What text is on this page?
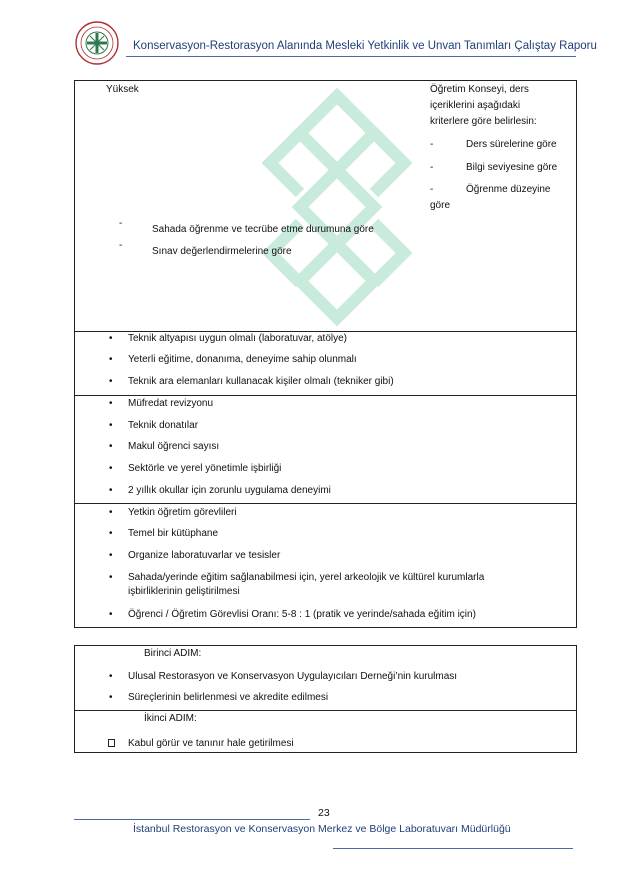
Konservasyon-Restorasyon Alanında Mesleki Yetkinlik ve Unvan Tanımları Çalıştay Raporu
Yüksek	Öğretim Konseyi, ders
içeriklerini aşağıdaki
kriterlere göre belirlesin:
-	Ders sürelerine göre
-	Bilgi seviyesine göre
-	Öğrenme düzeyine
göre
-
Sahada öğrenme ve tecrübe etme durumuna göre
-
Sınav değerlendirmelerine göre
• Teknik altyapısı uygun olmalı (laboratuvar, atölye)
• Yeterli eğitime, donanıma, deneyime sahip olunmalı
• Teknik ara elemanları kullanacak kişiler olmalı (tekniker gibi)
• Müfredat revizyonu
• Teknik donatılar
• Makul öğrenci sayısı
• Sektörle ve yerel yönetimle işbirliği
• 2 yıllık okullar için zorunlu uygulama deneyimi
• Yetkin öğretim görevlileri
• Temel bir kütüphane
• Organize laboratuvarlar ve tesisler
• Sahada/yerinde eğitim sağlanabilmesi için, yerel arkeolojik ve kültürel kurumlarla
işbirliklerinin geliştirilmesi
• Öğrenci / Öğretim Görevlisi Oranı: 5-8 : 1 (pratik ve yerinde/sahada eğitim için)
Birinci ADIM:
• Ulusal Restorasyon ve Konservasyon Uygulayıcıları Derneği’nin kurulması
• Süreçlerinin belirlenmesi ve akredite edilmesi
İkinci ADIM:
Kabul görür ve tanınır hale getirilmesi
23
İstanbul Restorasyon ve Konservasyon Merkez ve Bölge Laboratuvarı Müdürlüğü
